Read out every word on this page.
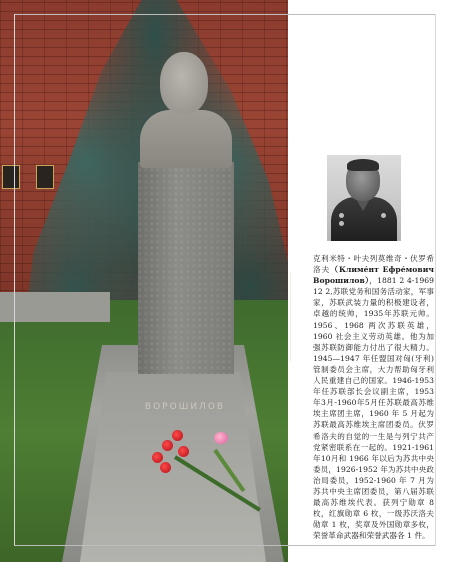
ВОРОШИЛОВ
克利米特・叶夫列莫维奇・伏罗希洛夫（Климéнт Ефрéмович Ворошилов），1881 2 4-1969 12 2,苏联党务和国务活动家，军事家，苏联武装力量的积极建设者，卓越的统帅，1935年苏联元帅。1956、1968 两次苏联英雄，1960 社会主义劳动英雄。他为加强苏联防御能力付出了很大精力。1945—1947 年任盟国对匈(牙利)管制委员会主席，大力帮助匈牙利人民重建自己的国家。1946-1953年任苏联部长会议副主席，1953 年3月-1960年5月任苏联最高苏维埃主席团主席，1960 年 5 月起为苏联最高苏维埃主席团委员。伏罗希洛夫的自觉的一生是与列宁共产党紧密联系在一起的。1921-1961 年10月和 1966 年以后为苏共中央委员，1926-1952 年为苏共中央政治局委员，1952-1960 年 7 月为苏共中央主席团委员，第八届苏联最高苏维埃代表。获列宁勋章 8 枚，红旗勋章 6 枚，一级苏沃洛夫勋章 1 枚，奖章及外国勋章多枚，荣誉革命武器和荣誉武器各 1 件。
